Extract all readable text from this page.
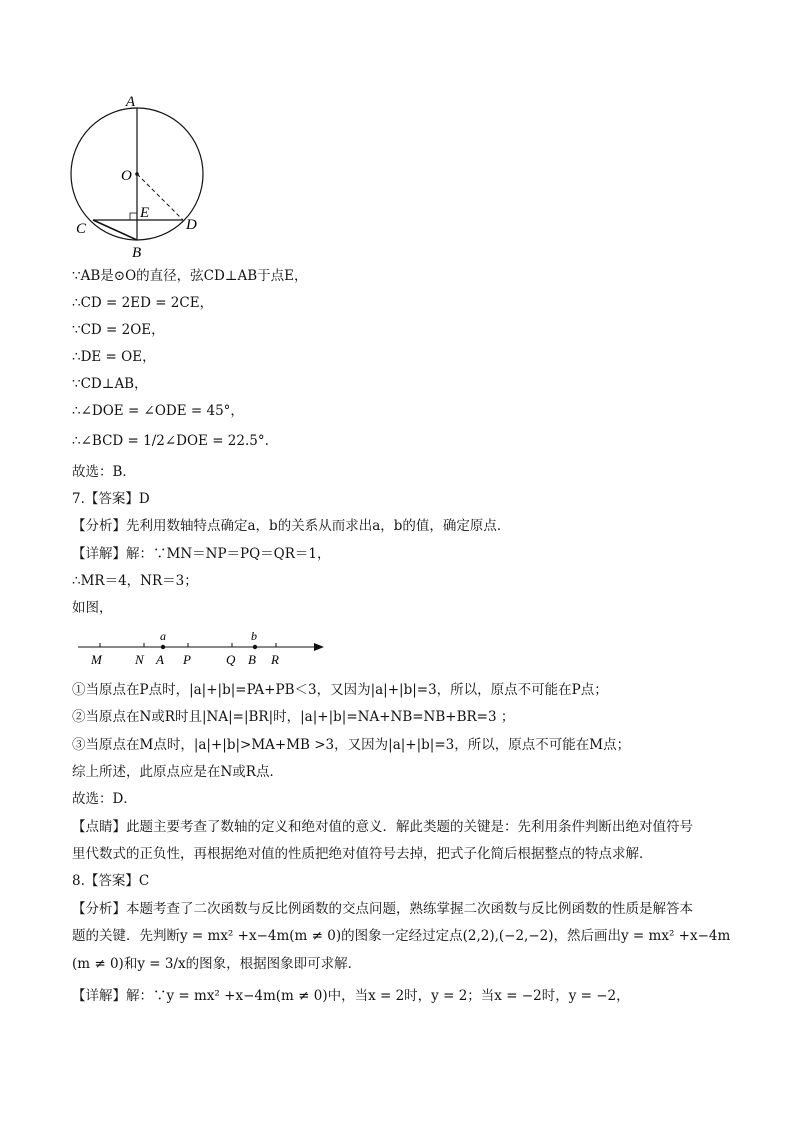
A
O
E
C	D
B
∵AB是⊙O的直径，弦CD⊥AB于点E，
∴CD = 2ED = 2CE，
∵CD = 2OE，
∴DE = OE，
∵CD⊥AB，
∴∠DOE = ∠ODE = 45°，
∴∠BCD = 1/2∠DOE = 22.5°.
故选：B．
7.【答案】D
【分析】先利用数轴特点确定a，b的关系从而求出a，b的值，确定原点．
【详解】解：∵MN＝NP＝PQ＝QR＝1，
∴MR＝4，NR＝3；
如图，
a	b
M	N A P	Q B R
①当原点在P点时，|a|+|b|=PA+PB＜3，又因为|a|+|b|=3，所以，原点不可能在P点；
②当原点在N或R时且|NA|=|BR|时，|a|+|b|=NA+NB=NB+BR=3 ；
③当原点在M点时，|a|+|b|>MA+MB >3，又因为|a|+|b|=3，所以，原点不可能在M点；
综上所述，此原点应是在N或R点．
故选：D．
【点睛】此题主要考查了数轴的定义和绝对值的意义．解此类题的关键是：先利用条件判断出绝对值符号
里代数式的正负性，再根据绝对值的性质把绝对值符号去掉，把式子化简后根据整点的特点求解．
8.【答案】C
【分析】本题考查了二次函数与反比例函数的交点问题，熟练掌握二次函数与反比例函数的性质是解答本
题的关键．先判断y = mx² +x−4m(m ≠ 0)的图象一定经过定点(2,2),(−2,−2)，然后画出y = mx² +x−4m
(m ≠ 0)和y = 3/x的图象，根据图象即可求解．
【详解】解：∵y = mx² +x−4m(m ≠ 0)中，当x = 2时，y = 2；当x = −2时，y = −2，
